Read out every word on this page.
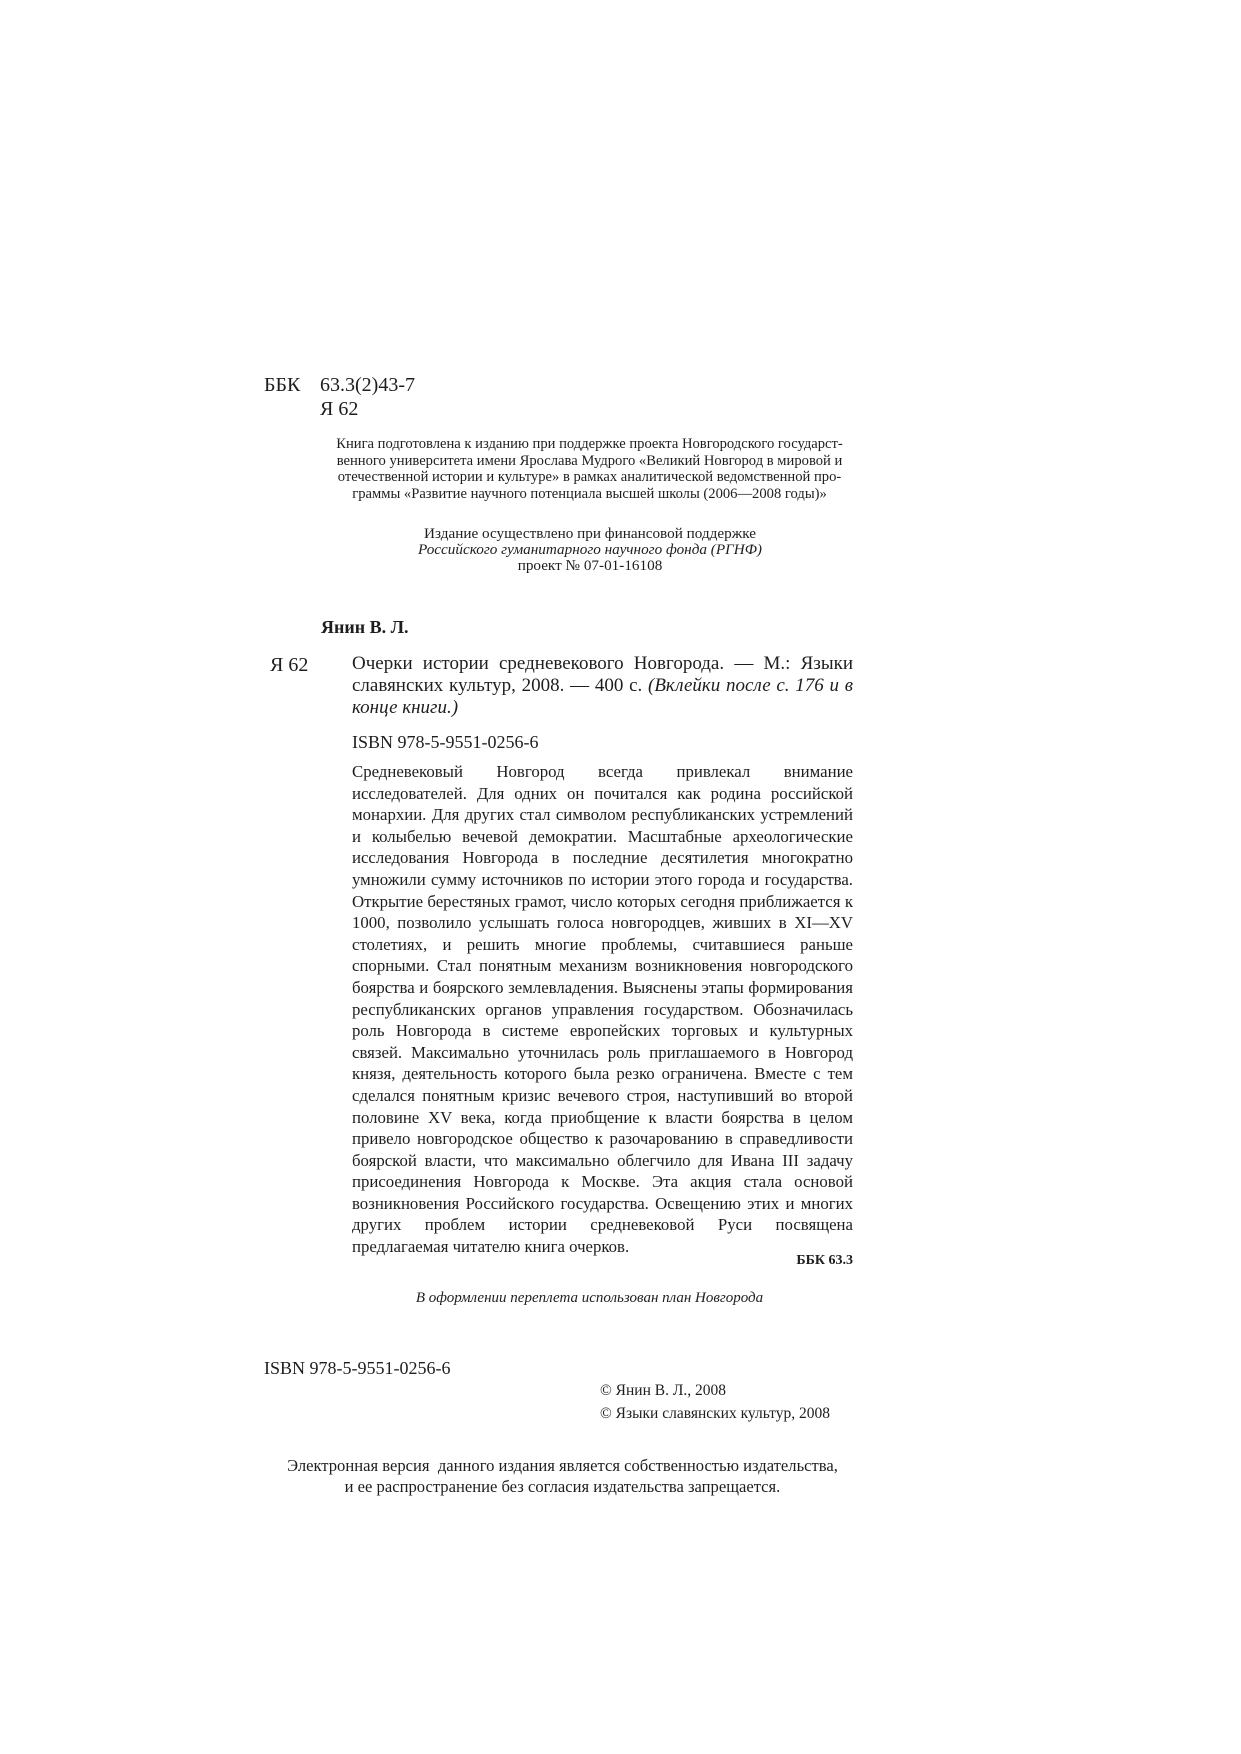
ББК 63.3(2)43-7
Я 62
Книга подготовлена к изданию при поддержке проекта Новгородского государст-
венного университета имени Ярослава Мудрого «Великий Новгород в мировой и
отечественной истории и культуре» в рамках аналитической ведомственной про-
граммы «Развитие научного потенциала высшей школы (2006—2008 годы)»
Издание осуществлено при финансовой поддержке
Российского гуманитарного научного фонда (РГНФ)
проект № 07-01-16108
Янин В. Л.
Я 62 Очерки истории средневекового Новгорода. — М.: Языки славянских культур, 2008. — 400 с. (Вклейки после с. 176 и в конце книги.)
ISBN 978-5-9551-0256-6

Средневековый Новгород всегда привлекал внимание исследователей. Для одних он почитался как родина российской монархии. Для других стал символом республиканских устремлений и колыбелью вечевой демократии. Масштабные археологические исследования Новгорода в последние десятилетия многократно умножили сумму источников по истории этого города и государства. Открытие берестяных грамот, число которых сегодня приближается к 1000, позволило услышать голоса новгородцев, живших в XI—XV столетиях, и решить многие проблемы, считавшиеся раньше спорными. Стал понятным механизм возникновения новгородского боярства и боярского землевладения. Выяснены этапы формирования республиканских органов управления государством. Обозначилась роль Новгорода в системе европейских торговых и культурных связей. Максимально уточнилась роль приглашаемого в Новгород князя, деятельность которого была резко ограничена. Вместе с тем сделался понятным кризис вечевого строя, наступивший во второй половине XV века, когда приобщение к власти боярства в целом привело новгородское общество к разочарованию в справедливости боярской власти, что максимально облегчило для Ивана III задачу присоединения Новгорода к Москве. Эта акция стала основой возникновения Российского государства. Освещению этих и многих других проблем истории средневековой Руси посвящена предлагаемая читателю книга очерков.

ББК 63.3
В оформлении переплета использован план Новгорода
ISBN 978-5-9551-0256-6
© Янин В. Л., 2008
© Языки славянских культур, 2008
Электронная версия  данного издания является собственностью издательства,
и ее распространение без согласия издательства запрещается.
